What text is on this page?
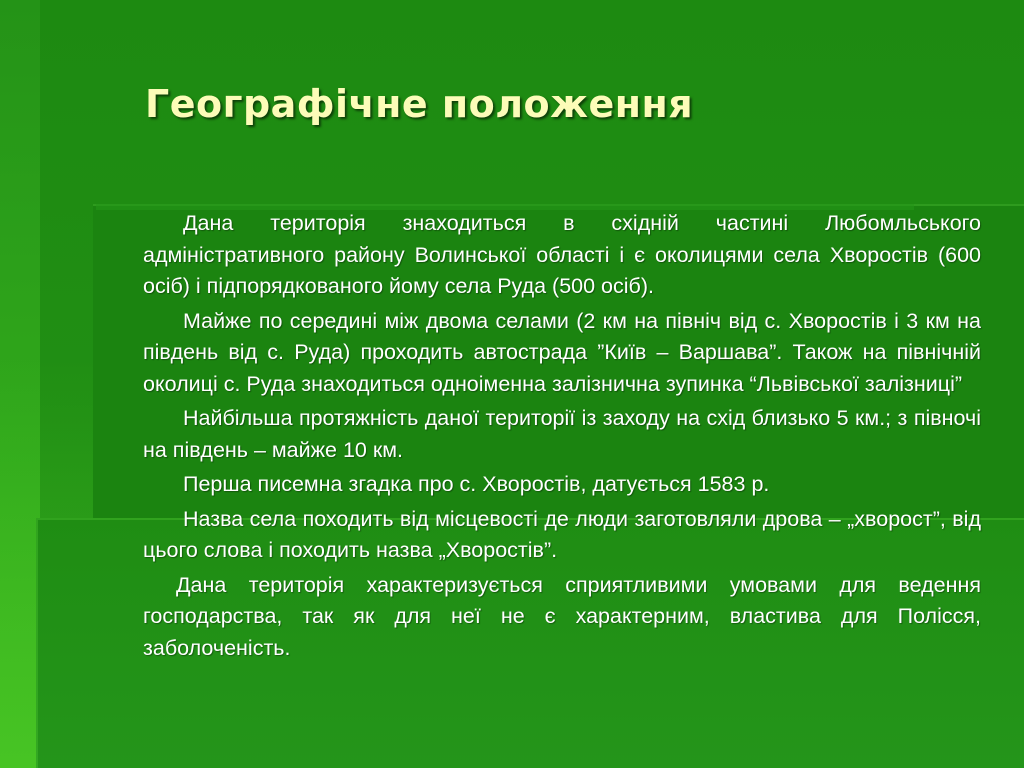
Географічне положення

Дана територія знаходиться в східній частині Любомльського адміністративного району Волинської області і є околицями села Хворостів (600 осіб) і підпорядкованого йому села Руда (500 осіб).

Майже по середині між двома селами (2 км на північ від с. Хворостів і 3 км на південь від с. Руда) проходить автострада ”Київ – Варшава”. Також на північній околиці с. Руда знаходиться одноіменна залізнична зупинка “Львівської залізниці”

Найбільша протяжність даної території із заходу на схід близько 5 км.; з півночі на південь – майже 10 км.

Перша писемна згадка про с. Хворостів, датується 1583 р.

Назва села походить від місцевості де люди заготовляли дрова – „хворост”, від цього слова і походить назва „Хворостів”.

Дана територія характеризується сприятливими умовами для ведення господарства, так як для неї не є характерним, властива для Полісся, заболоченість.
